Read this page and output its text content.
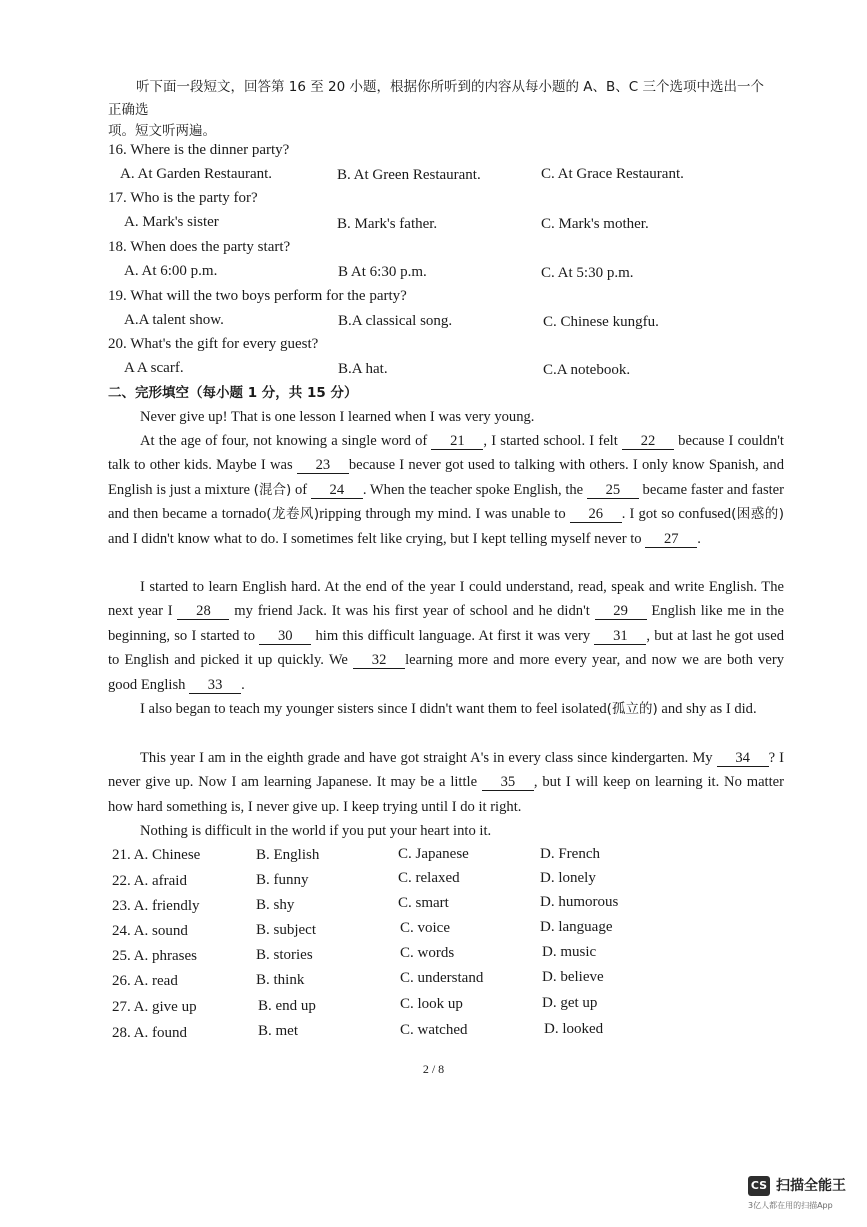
听下面一段短文，回答第 16 至 20 小题，根据你所听到的内容从每小题的 A、B、C 三个选项中选出一个
正确选
项。短文听两遍。
16. Where is the dinner party?
A. At Garden Restaurant.	B. At Green Restaurant.	C. At Grace Restaurant.
17. Who is the party for?
A. Mark's sister	B. Mark's father.	C. Mark's mother.
18. When does the party start?
A. At 6:00 p.m.	B At 6:30 p.m.	C. At 5:30 p.m.
19. What will the two boys perform for the party?
A.A talent show.	B.A classical song.	C. Chinese kungfu.
20. What's the gift for every guest?
A A scarf.	B.A hat.	C.A notebook.
二、完形填空（每小题 1 分，共 15 分）
Never give up! That is one lesson I learned when I was very young.
At the age of four, not knowing a single word of 21 , I started school. I felt 22 because I couldn't talk to other kids. Maybe I was 23 because I never got used to talking with others. I only know Spanish, and English is just a mixture (混合) of 24 . When the teacher spoke English, the 25 became faster and faster and then became a tornado(龙卷风)ripping through my mind. I was unable to 26 . I got so confused(困惑的) and I didn't know what to do. I sometimes felt like crying, but I kept telling myself never to 27 .
I started to learn English hard. At the end of the year I could understand, read, speak and write English. The next year I 28 my friend Jack. It was his first year of school and he didn't 29 English like me in the beginning, so I started to 30 him this difficult language. At first it was very 31 , but at last he got used to English and picked it up quickly. We 32 learning more and more every year, and now we are both very good English 33 .
I also began to teach my younger sisters since I didn't want them to feel isolated(孤立的) and shy as I did.
This year I am in the eighth grade and have got straight A's in every class since kindergarten. My 34 ? I never give up. Now I am learning Japanese. It may be a little 35 , but I will keep on learning it. No matter how hard something is, I never give up. I keep trying until I do it right.
Nothing is difficult in the world if you put your heart into it.
21. A. Chinese	B. English	C. Japanese	D. French
22. A. afraid	B. funny	C. relaxed	D. lonely
23. A. friendly	B. shy	C. smart	D. humorous
24. A. sound	B. subject	C. voice	D. language
25. A. phrases	B. stories	C. words	D. music
26. A. read	B. think	C. understand	D. believe
27. A. give up	B. end up	C. look up	D. get up
28. A. found	B. met	C. watched	D. looked
2 / 8
CS 扫描全能王
3亿人都在用的扫描App
